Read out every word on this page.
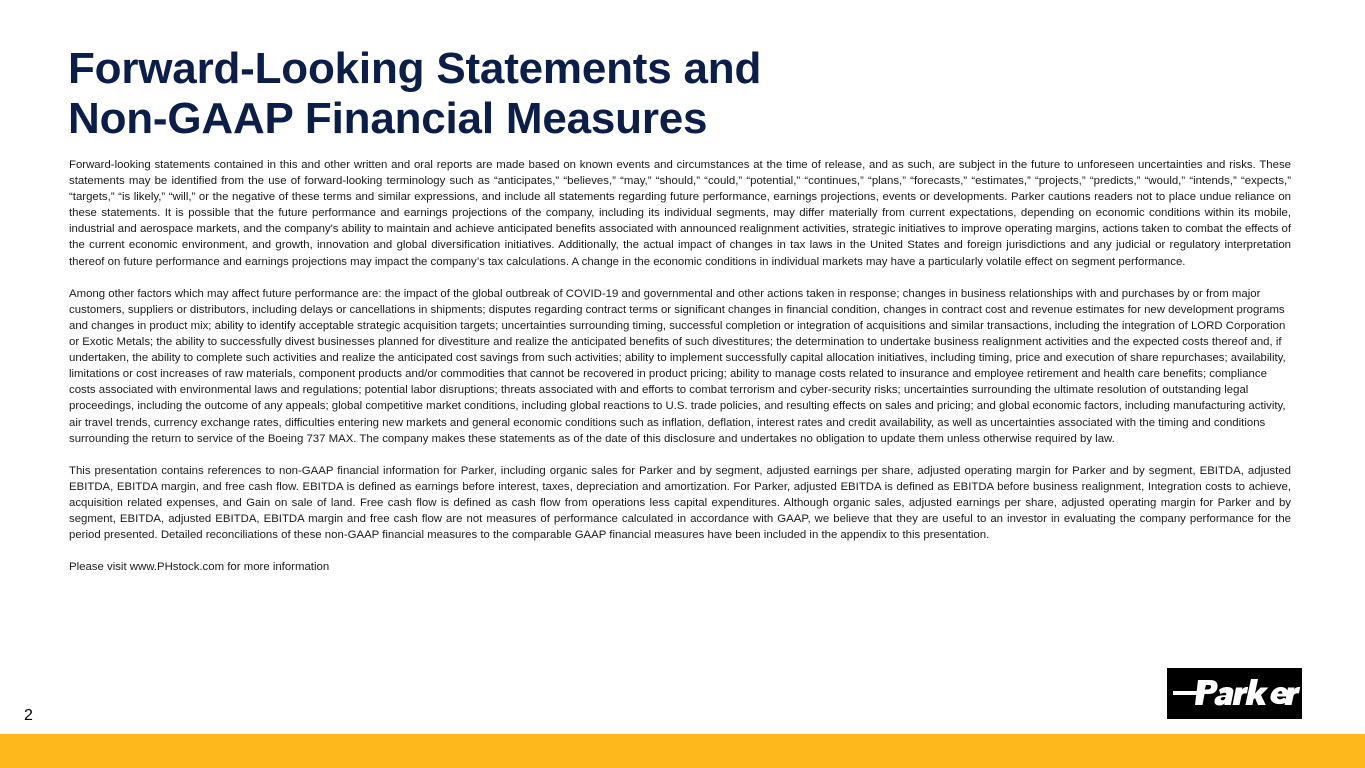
Forward-Looking Statements and
Non-GAAP Financial Measures

Forward-looking statements contained in this and other written and oral reports are made based on known events and circumstances at the time of release, and as such, are subject in the future to unforeseen uncertainties and risks. These statements may be identified from the use of forward-looking terminology such as “anticipates,” “believes,” “may,” “should,” “could,” “potential,” “continues,” “plans,” “forecasts,” “estimates,” “projects,” “predicts,” “would,” “intends,” “expects,” “targets,” “is likely,” “will,” or the negative of these terms and similar expressions, and include all statements regarding future performance, earnings projections, events or developments. Parker cautions readers not to place undue reliance on these statements. It is possible that the future performance and earnings projections of the company, including its individual segments, may differ materially from current expectations, depending on economic conditions within its mobile, industrial and aerospace markets, and the company's ability to maintain and achieve anticipated benefits associated with announced realignment activities, strategic initiatives to improve operating margins, actions taken to combat the effects of the current economic environment, and growth, innovation and global diversification initiatives. Additionally, the actual impact of changes in tax laws in the United States and foreign jurisdictions and any judicial or regulatory interpretation thereof on future performance and earnings projections may impact the company’s tax calculations. A change in the economic conditions in individual markets may have a particularly volatile effect on segment performance.

Among other factors which may affect future performance are: the impact of the global outbreak of COVID-19 and governmental and other actions taken in response; changes in business relationships with and purchases by or from major customers, suppliers or distributors, including delays or cancellations in shipments; disputes regarding contract terms or significant changes in financial condition, changes in contract cost and revenue estimates for new development programs and changes in product mix; ability to identify acceptable strategic acquisition targets; uncertainties surrounding timing, successful completion or integration of acquisitions and similar transactions, including the integration of LORD Corporation or Exotic Metals; the ability to successfully divest businesses planned for divestiture and realize the anticipated benefits of such divestitures; the determination to undertake business realignment activities and the expected costs thereof and, if undertaken, the ability to complete such activities and realize the anticipated cost savings from such activities; ability to implement successfully capital allocation initiatives, including timing, price and execution of share repurchases; availability, limitations or cost increases of raw materials, component products and/or commodities that cannot be recovered in product pricing; ability to manage costs related to insurance and employee retirement and health care benefits; compliance costs associated with environmental laws and regulations; potential labor disruptions; threats associated with and efforts to combat terrorism and cyber-security risks; uncertainties surrounding the ultimate resolution of outstanding legal proceedings, including the outcome of any appeals; global competitive market conditions, including global reactions to U.S. trade policies, and resulting effects on sales and pricing; and global economic factors, including manufacturing activity, air travel trends, currency exchange rates, difficulties entering new markets and general economic conditions such as inflation, deflation, interest rates and credit availability, as well as uncertainties associated with the timing and conditions surrounding the return to service of the Boeing 737 MAX. The company makes these statements as of the date of this disclosure and undertakes no obligation to update them unless otherwise required by law.

This presentation contains references to non-GAAP financial information for Parker, including organic sales for Parker and by segment, adjusted earnings per share, adjusted operating margin for Parker and by segment, EBITDA, adjusted EBITDA, EBITDA margin, and free cash flow. EBITDA is defined as earnings before interest, taxes, depreciation and amortization. For Parker, adjusted EBITDA is defined as EBITDA before business realignment, Integration costs to achieve, acquisition related expenses, and Gain on sale of land. Free cash flow is defined as cash flow from operations less capital expenditures. Although organic sales, adjusted earnings per share, adjusted operating margin for Parker and by segment, EBITDA, adjusted EBITDA, EBITDA margin and free cash flow are not measures of performance calculated in accordance with GAAP, we believe that they are useful to an investor in evaluating the company performance for the period presented. Detailed reconciliations of these non-GAAP financial measures to the comparable GAAP financial measures have been included in the appendix to this presentation.

Please visit www.PHstock.com for more information

2
